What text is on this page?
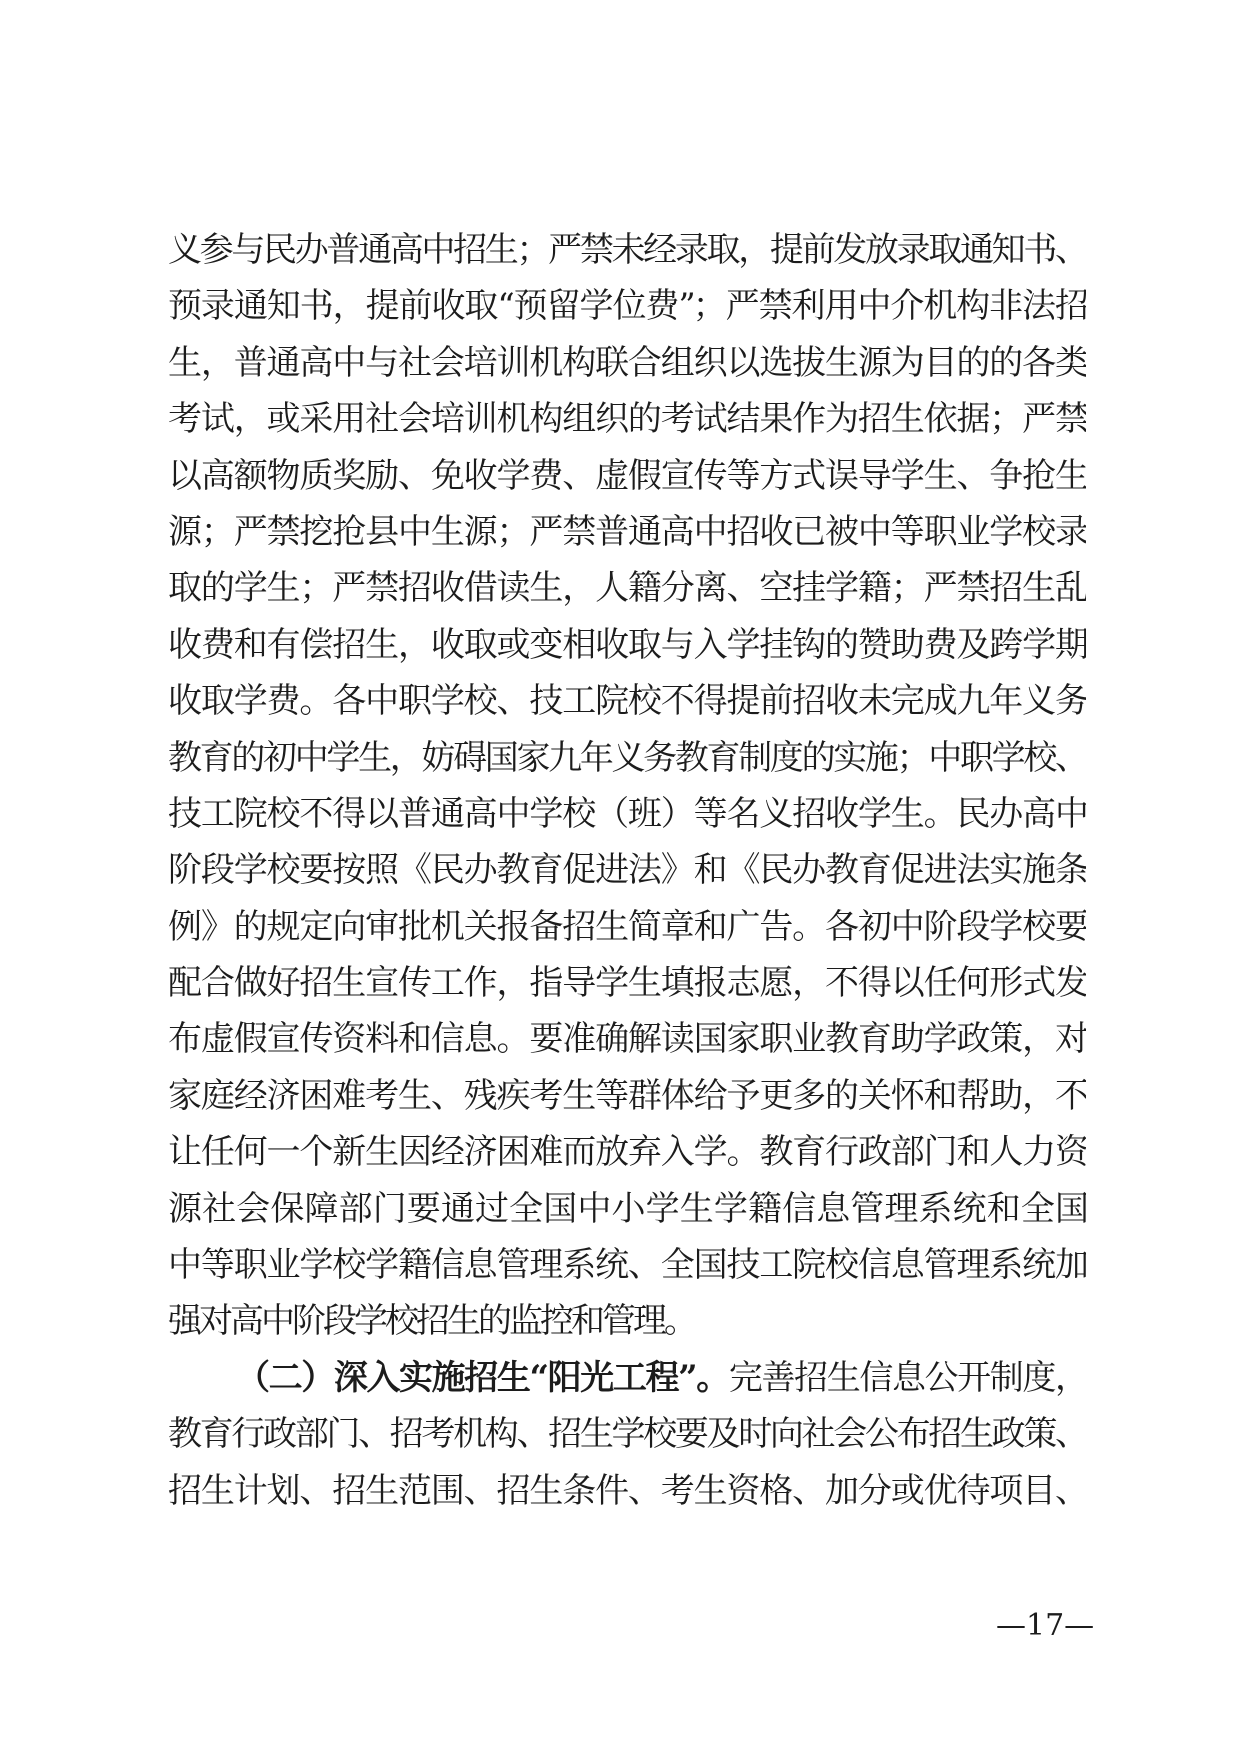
义参与民办普通高中招生；严禁未经录取，提前发放录取通知书、
预录通知书，提前收取“预留学位费”；严禁利用中介机构非法招
生，普通高中与社会培训机构联合组织以选拔生源为目的的各类
考试，或采用社会培训机构组织的考试结果作为招生依据；严禁
以高额物质奖励、免收学费、虚假宣传等方式误导学生、争抢生
源；严禁挖抢县中生源；严禁普通高中招收已被中等职业学校录
取的学生；严禁招收借读生，人籍分离、空挂学籍；严禁招生乱
收费和有偿招生，收取或变相收取与入学挂钩的赞助费及跨学期
收取学费。各中职学校、技工院校不得提前招收未完成九年义务
教育的初中学生，妨碍国家九年义务教育制度的实施；中职学校、
技工院校不得以普通高中学校（班）等名义招收学生。民办高中
阶段学校要按照《民办教育促进法》和《民办教育促进法实施条
例》的规定向审批机关报备招生简章和广告。各初中阶段学校要
配合做好招生宣传工作，指导学生填报志愿，不得以任何形式发
布虚假宣传资料和信息。要准确解读国家职业教育助学政策，对
家庭经济困难考生、残疾考生等群体给予更多的关怀和帮助，不
让任何一个新生因经济困难而放弃入学。教育行政部门和人力资
源社会保障部门要通过全国中小学生学籍信息管理系统和全国
中等职业学校学籍信息管理系统、全国技工院校信息管理系统加
强对高中阶段学校招生的监控和管理。
（二）深入实施招生“阳光工程”。完善招生信息公开制度，
教育行政部门、招考机构、招生学校要及时向社会公布招生政策、
招生计划、招生范围、招生条件、考生资格、加分或优待项目、
—17—
